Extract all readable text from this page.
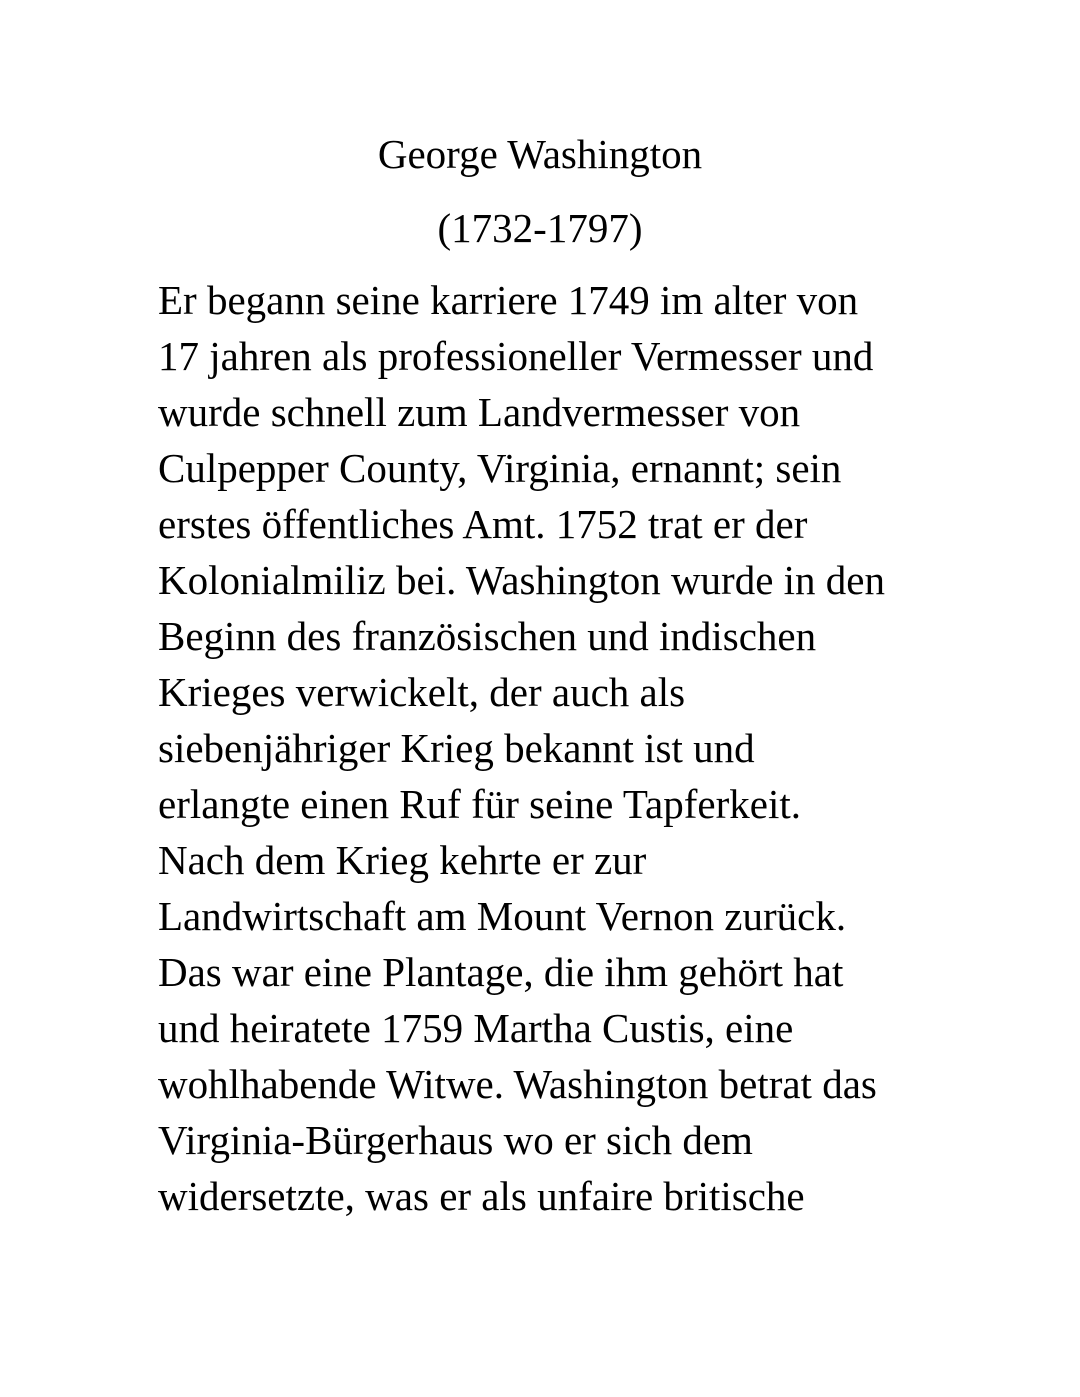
George Washington
(1732-1797)
Er begann seine karriere 1749 im alter von
17 jahren als professioneller Vermesser und
wurde schnell zum Landvermesser von
Culpepper County, Virginia, ernannt; sein
erstes öffentliches Amt. 1752 trat er der
Kolonialmiliz bei. Washington wurde in den
Beginn des französischen und indischen
Krieges verwickelt, der auch als
siebenjähriger Krieg bekannt ist und
erlangte einen Ruf für seine Tapferkeit.
Nach dem Krieg kehrte er zur
Landwirtschaft am Mount Vernon zurück.
Das war eine Plantage, die ihm gehört hat
und heiratete 1759 Martha Custis, eine
wohlhabende Witwe. Washington betrat das
Virginia-Bürgerhaus wo er sich dem
widersetzte, was er als unfaire britische
